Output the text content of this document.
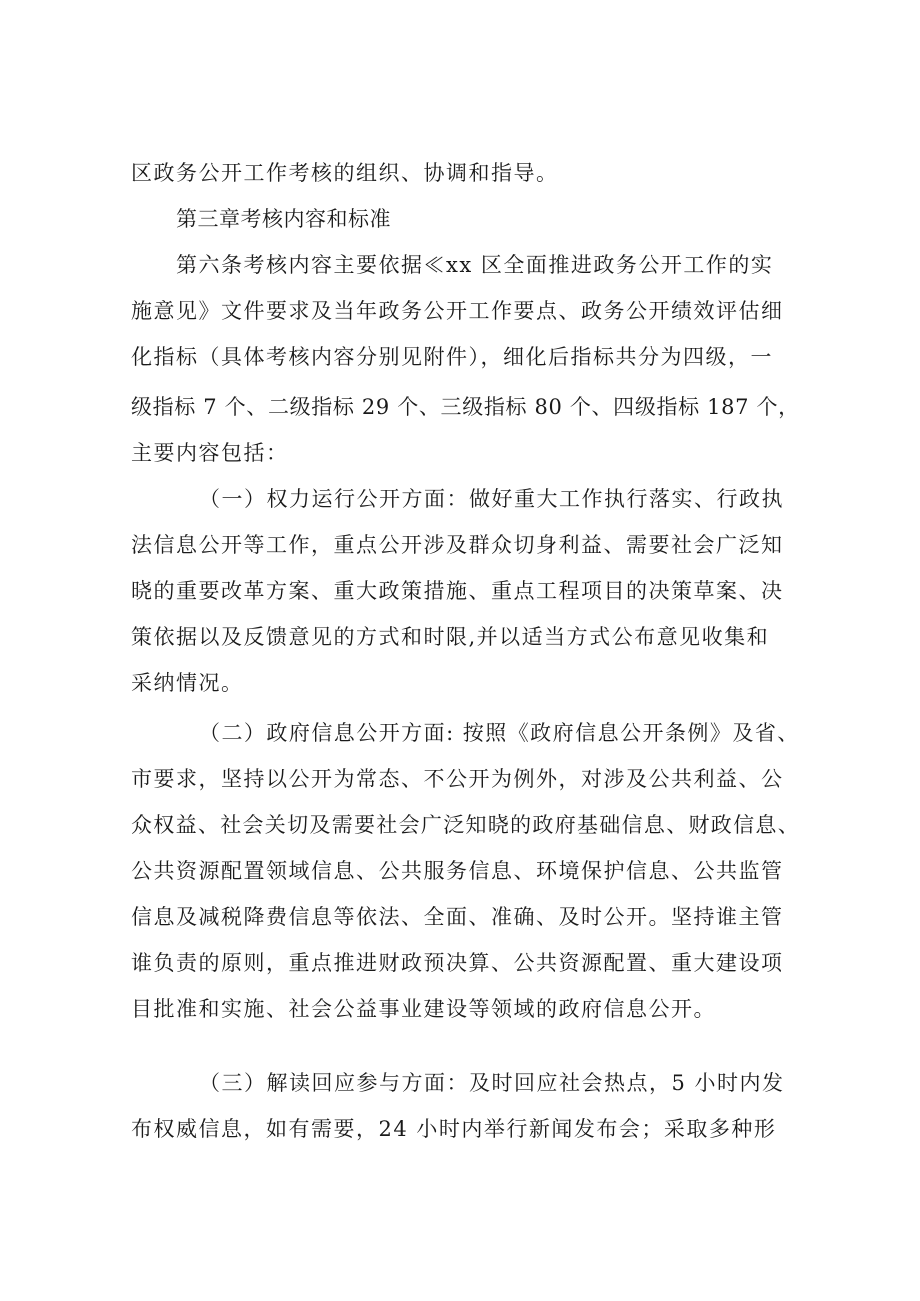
区政务公开工作考核的组织、协调和指导。

第三章考核内容和标准

第六条考核内容主要依据≪xx 区全面推进政务公开工作的实

施意见》文件要求及当年政务公开工作要点、政务公开绩效评估细

化指标（具体考核内容分别见附件），细化后指标共分为四级，一

级指标 7 个、二级指标 29 个、三级指标 80 个、四级指标 187 个，

主要内容包括：

（一）权力运行公开方面：做好重大工作执行落实、行政执

法信息公开等工作，重点公开涉及群众切身利益、需要社会广泛知

晓的重要改革方案、重大政策措施、重点工程项目的决策草案、决

策依据以及反馈意见的方式和时限,并以适当方式公布意见收集和

采纳情况。

（二）政府信息公开方面: 按照《政府信息公开条例》及省、

市要求，坚持以公开为常态、不公开为例外，对涉及公共利益、公

众权益、社会关切及需要社会广泛知晓的政府基础信息、财政信息、

公共资源配置领域信息、公共服务信息、环境保护信息、公共监管

信息及减税降费信息等依法、全面、准确、及时公开。坚持谁主管

谁负责的原则，重点推进财政预决算、公共资源配置、重大建设项

目批准和实施、社会公益事业建设等领域的政府信息公开。

（三）解读回应参与方面：及时回应社会热点，5 小时内发

布权威信息，如有需要，24 小时内举行新闻发布会；采取多种形
